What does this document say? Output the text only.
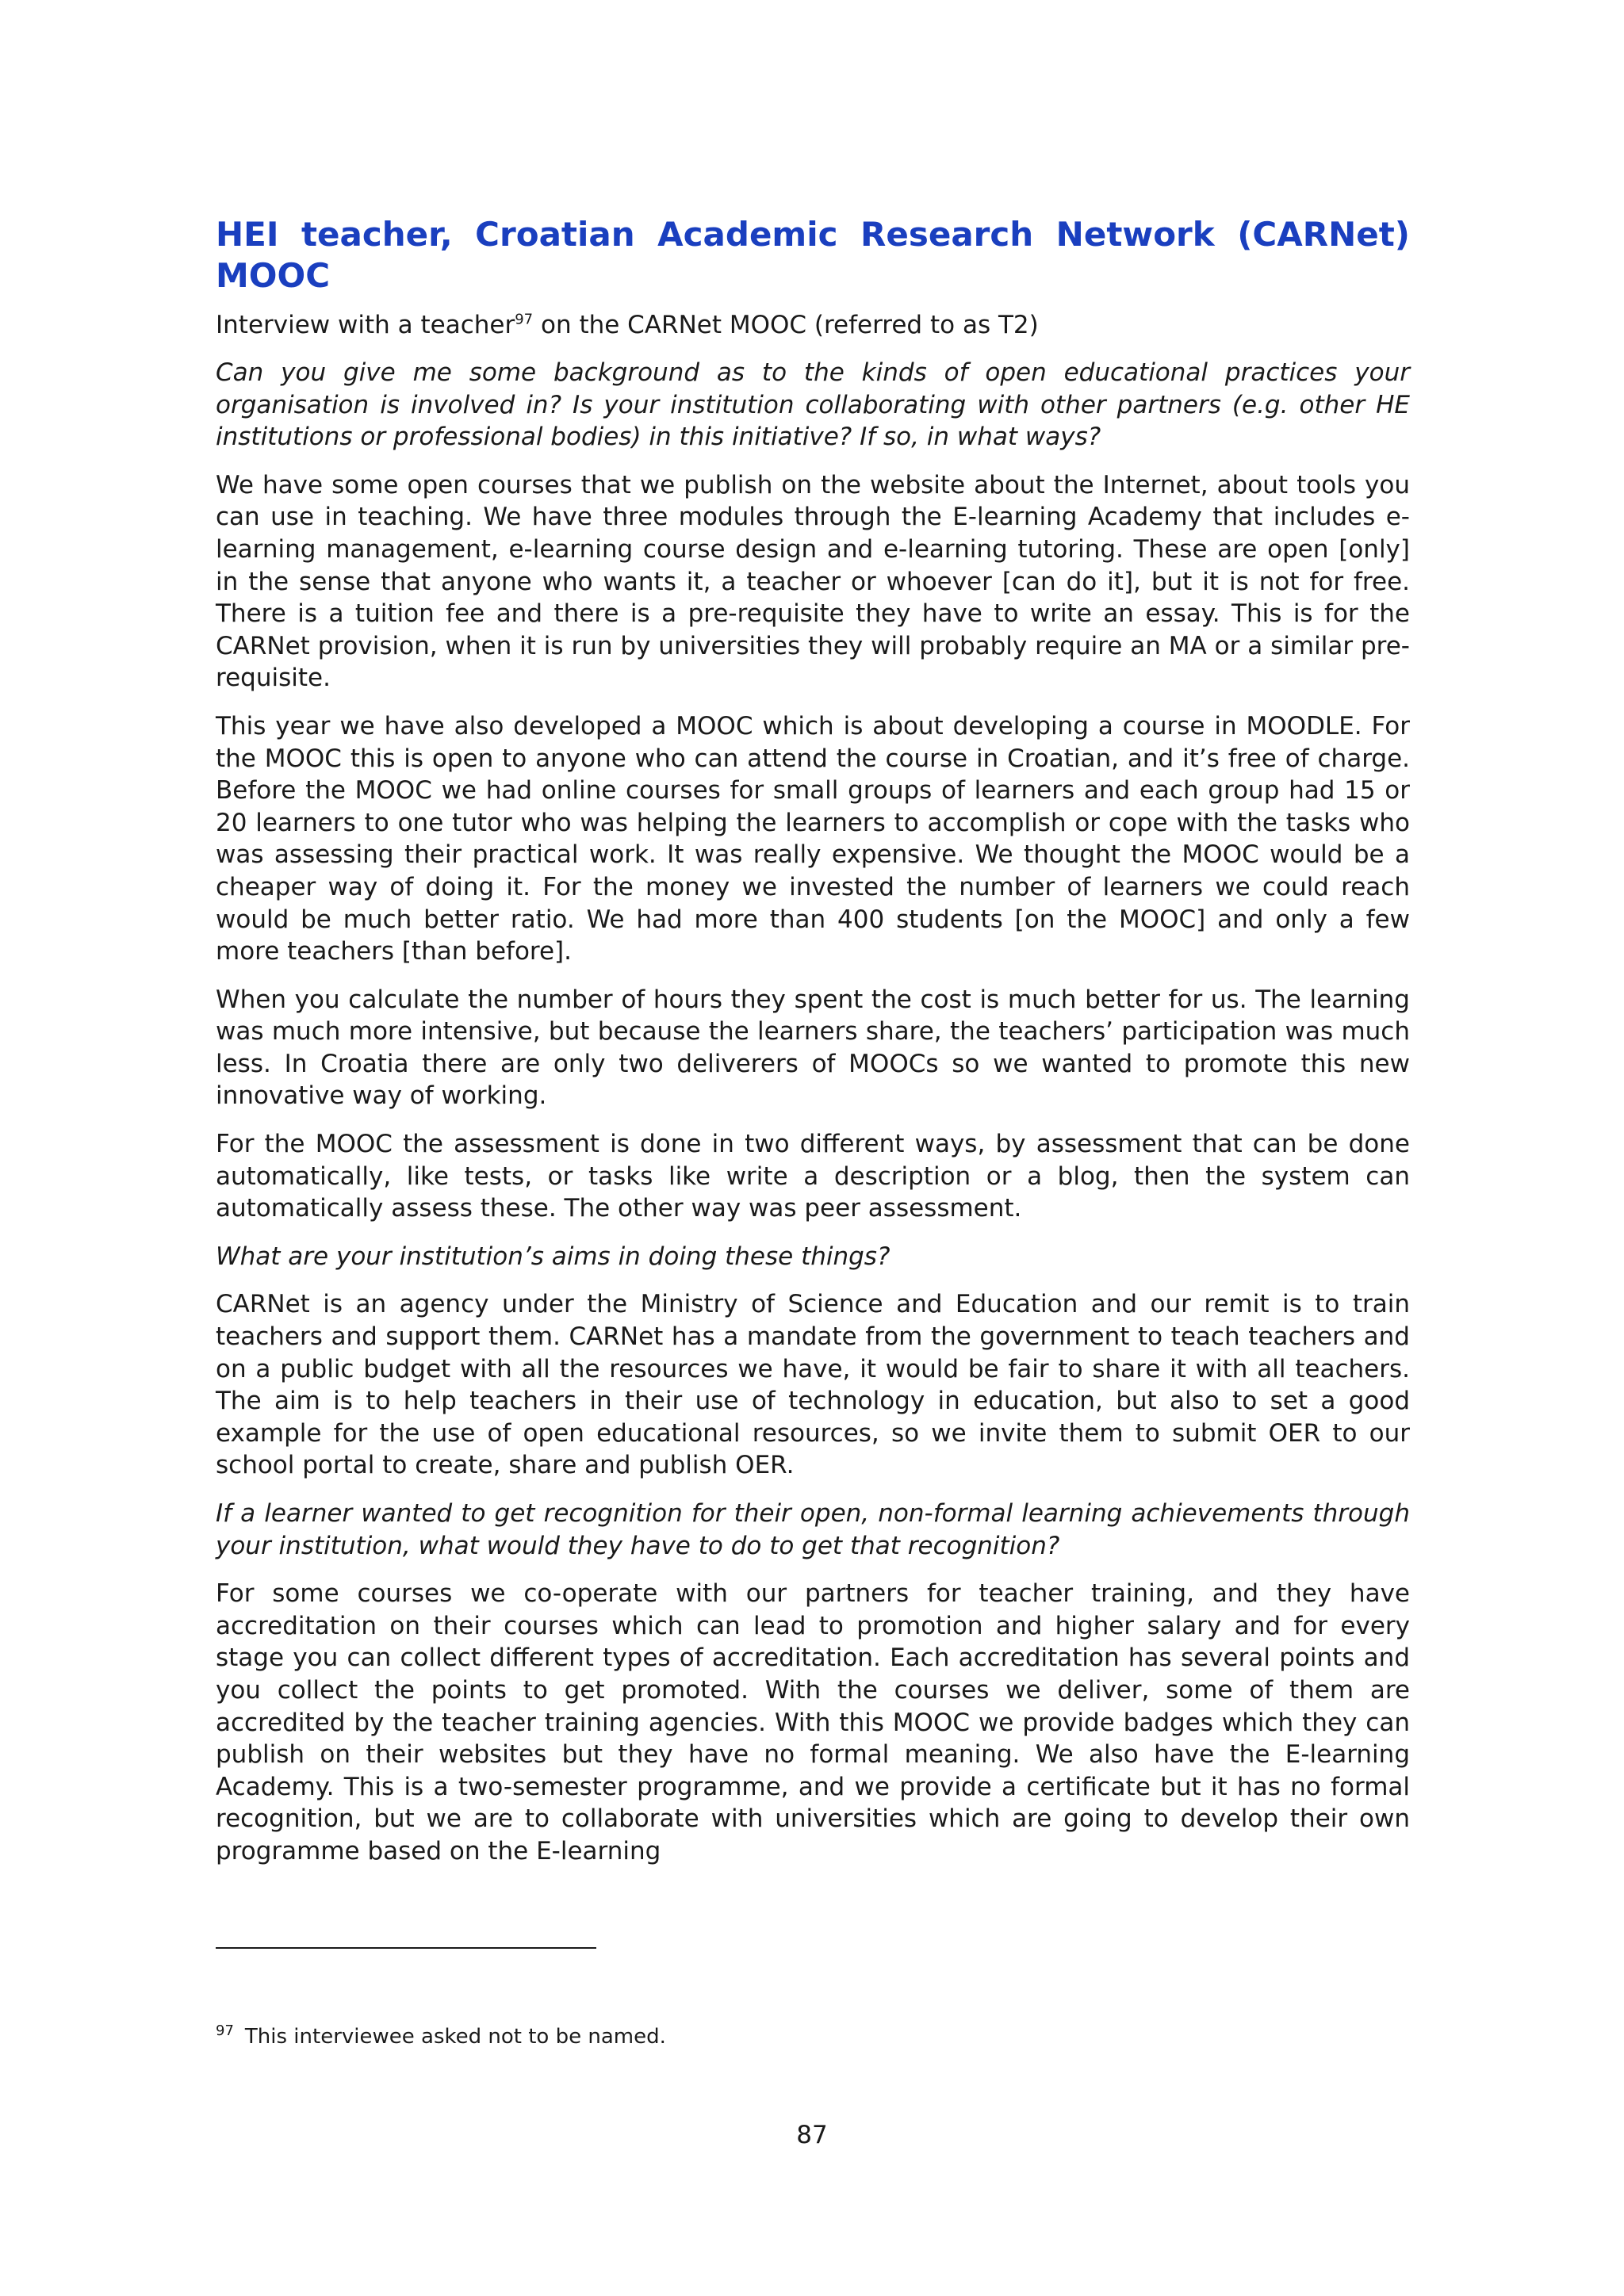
HEI teacher, Croatian Academic Research Network (CARNet) MOOC

Interview with a teacher$^{97}$ on the CARNet MOOC (referred to as T2)

Can you give me some background as to the kinds of open educational practices your organisation is involved in? Is your institution collaborating with other partners (e.g. other HE institutions or professional bodies) in this initiative? If so, in what ways?

We have some open courses that we publish on the website about the Internet, about tools you can use in teaching. We have three modules through the E-learning Academy that includes e-learning management, e-learning course design and e-learning tutoring. These are open [only] in the sense that anyone who wants it, a teacher or whoever [can do it], but it is not for free. There is a tuition fee and there is a pre-requisite they have to write an essay. This is for the CARNet provision, when it is run by universities they will probably require an MA or a similar pre-requisite.

This year we have also developed a MOOC which is about developing a course in MOODLE. For the MOOC this is open to anyone who can attend the course in Croatian, and it’s free of charge. Before the MOOC we had online courses for small groups of learners and each group had 15 or 20 learners to one tutor who was helping the learners to accomplish or cope with the tasks who was assessing their practical work. It was really expensive. We thought the MOOC would be a cheaper way of doing it. For the money we invested the number of learners we could reach would be much better ratio. We had more than 400 students [on the MOOC] and only a few more teachers [than before].

When you calculate the number of hours they spent the cost is much better for us. The learning was much more intensive, but because the learners share, the teachers’ participation was much less. In Croatia there are only two deliverers of MOOCs so we wanted to promote this new innovative way of working.

For the MOOC the assessment is done in two different ways, by assessment that can be done automatically, like tests, or tasks like write a description or a blog, then the system can automatically assess these. The other way was peer assessment.

What are your institution’s aims in doing these things?

CARNet is an agency under the Ministry of Science and Education and our remit is to train teachers and support them. CARNet has a mandate from the government to teach teachers and on a public budget with all the resources we have, it would be fair to share it with all teachers. The aim is to help teachers in their use of technology in education, but also to set a good example for the use of open educational resources, so we invite them to submit OER to our school portal to create, share and publish OER.

If a learner wanted to get recognition for their open, non-formal learning achievements through your institution, what would they have to do to get that recognition?

For some courses we co-operate with our partners for teacher training, and they have accreditation on their courses which can lead to promotion and higher salary and for every stage you can collect different types of accreditation. Each accreditation has several points and you collect the points to get promoted. With the courses we deliver, some of them are accredited by the teacher training agencies. With this MOOC we provide badges which they can publish on their websites but they have no formal meaning. We also have the E-learning Academy. This is a two-semester programme, and we provide a certificate but it has no formal recognition, but we are to collaborate with universities which are going to develop their own programme based on the E-learning

$^{97}$ This interviewee asked not to be named.
87
